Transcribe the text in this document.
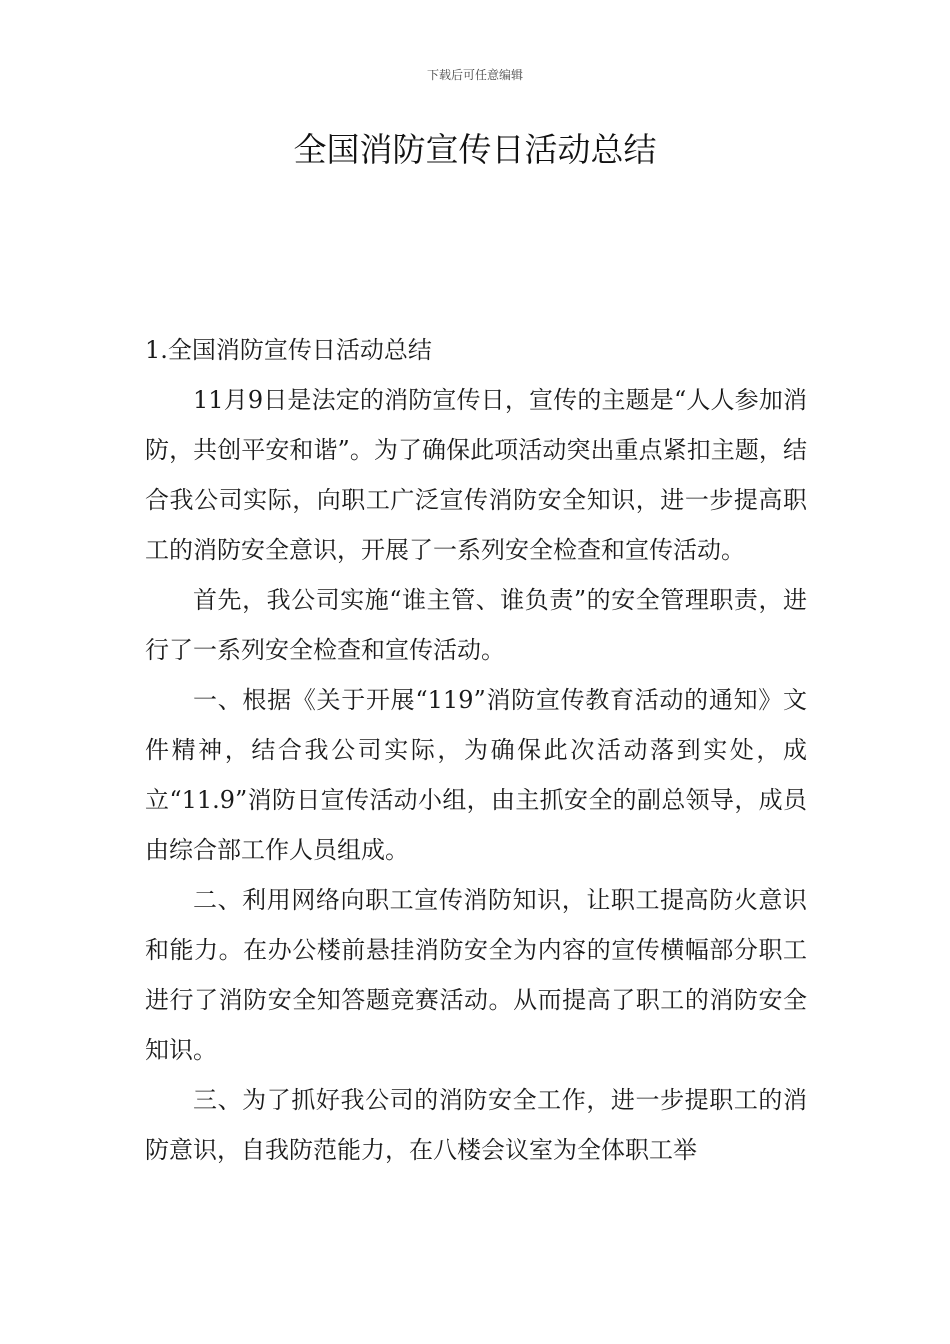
下载后可任意编辑
全国消防宣传日活动总结

1.全国消防宣传日活动总结

11月9日是法定的消防宣传日，宣传的主题是“人人参加消防，共创平安和谐”。为了确保此项活动突出重点紧扣主题，结合我公司实际，向职工广泛宣传消防安全知识，进一步提高职工的消防安全意识，开展了一系列安全检查和宣传活动。

首先，我公司实施“谁主管、谁负责”的安全管理职责，进行了一系列安全检查和宣传活动。

一、根据《关于开展“119”消防宣传教育活动的通知》文件精神，结合我公司实际，为确保此次活动落到实处，成立“11.9”消防日宣传活动小组，由主抓安全的副总领导，成员由综合部工作人员组成。

二、利用网络向职工宣传消防知识，让职工提高防火意识和能力。在办公楼前悬挂消防安全为内容的宣传横幅部分职工进行了消防安全知答题竞赛活动。从而提高了职工的消防安全知识。

三、为了抓好我公司的消防安全工作，进一步提职工的消防意识，自我防范能力，在八楼会议室为全体职工举
